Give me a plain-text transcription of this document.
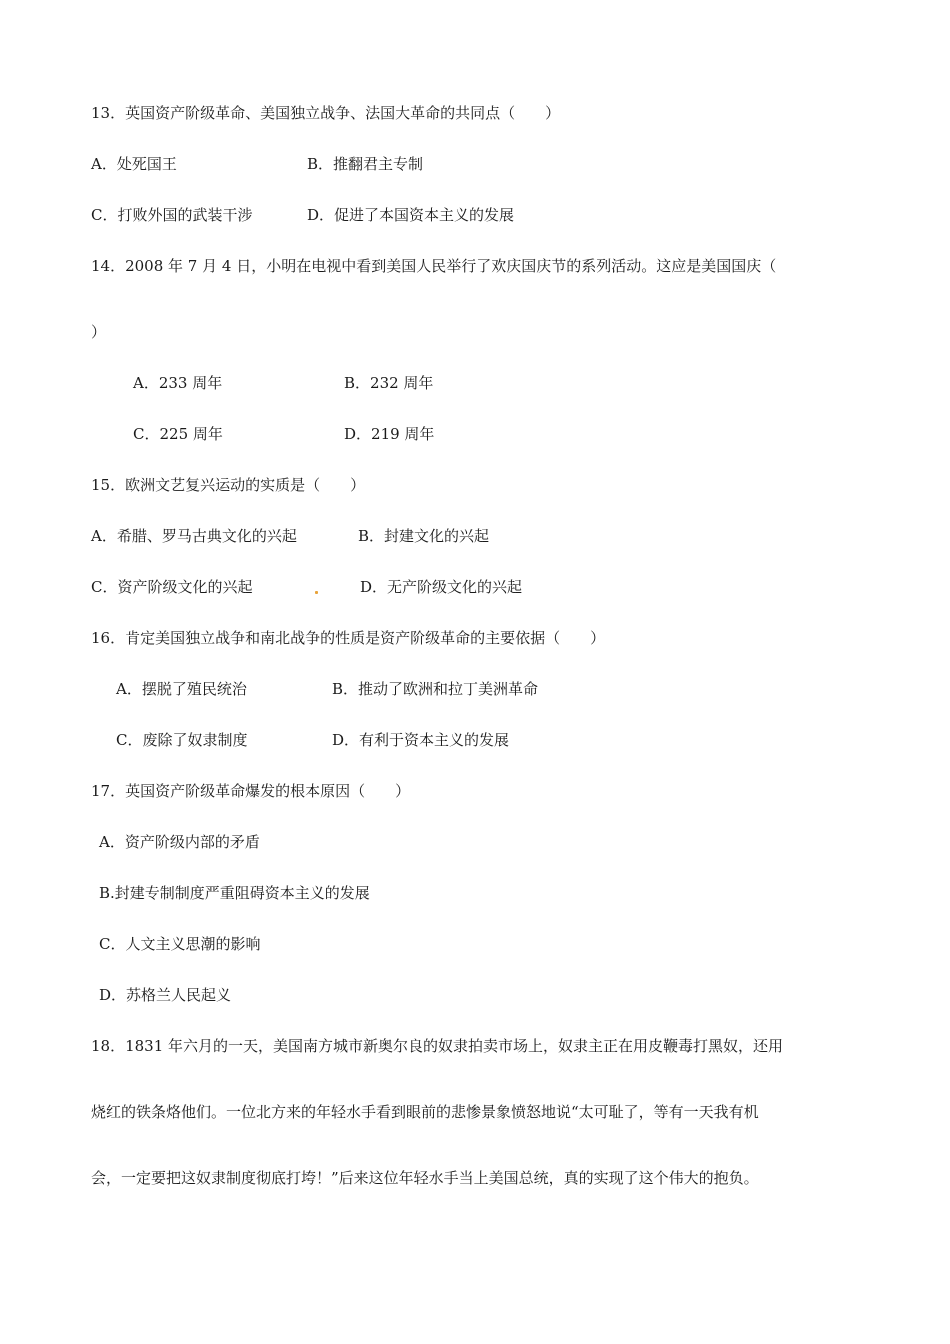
13．英国资产阶级革命、美国独立战争、法国大革命的共同点（　　）
A．处死国王	B．推翻君主专制
C．打败外国的武装干涉	D．促进了本国资本主义的发展
14．2008 年 7 月 4 日，小明在电视中看到美国人民举行了欢庆国庆节的系列活动。这应是美国国庆（
）
A．233 周年	B．232 周年
C．225 周年	D．219 周年
15．欧洲文艺复兴运动的实质是（　　）
A．希腊、罗马古典文化的兴起	B．封建文化的兴起
C．资产阶级文化的兴起	D．无产阶级文化的兴起
16．肯定美国独立战争和南北战争的性质是资产阶级革命的主要依据（　　）
A．摆脱了殖民统治	B．推动了欧洲和拉丁美洲革命
C．废除了奴隶制度	D．有利于资本主义的发展
17．英国资产阶级革命爆发的根本原因（　　）
A．资产阶级内部的矛盾
B.封建专制制度严重阻碍资本主义的发展
C．人文主义思潮的影响
D．苏格兰人民起义
18．1831 年六月的一天，美国南方城市新奥尔良的奴隶拍卖市场上，奴隶主正在用皮鞭毒打黑奴，还用
烧红的铁条烙他们。一位北方来的年轻水手看到眼前的悲惨景象愤怒地说“太可耻了，等有一天我有机
会，一定要把这奴隶制度彻底打垮！”后来这位年轻水手当上美国总统，真的实现了这个伟大的抱负。
